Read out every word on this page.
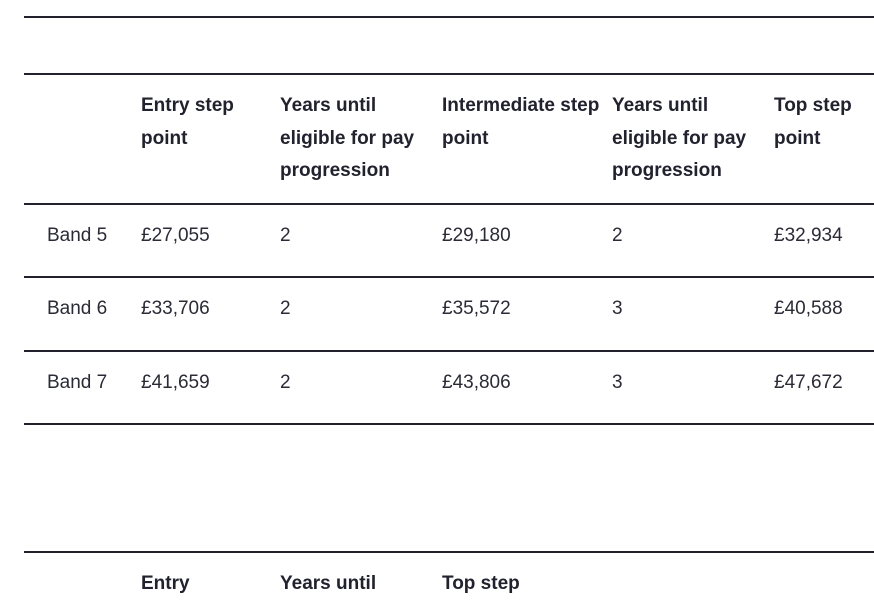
	Entry step point	Years until eligible for pay progression	Intermediate step point	Years until eligible for pay progression	Top step point
Band 5	£27,055	2	£29,180	2	£32,934
Band 6	£33,706	2	£35,572	3	£40,588
Band 7	£41,659	2	£43,806	3	£47,672
	Entry	Years until	Top step		
